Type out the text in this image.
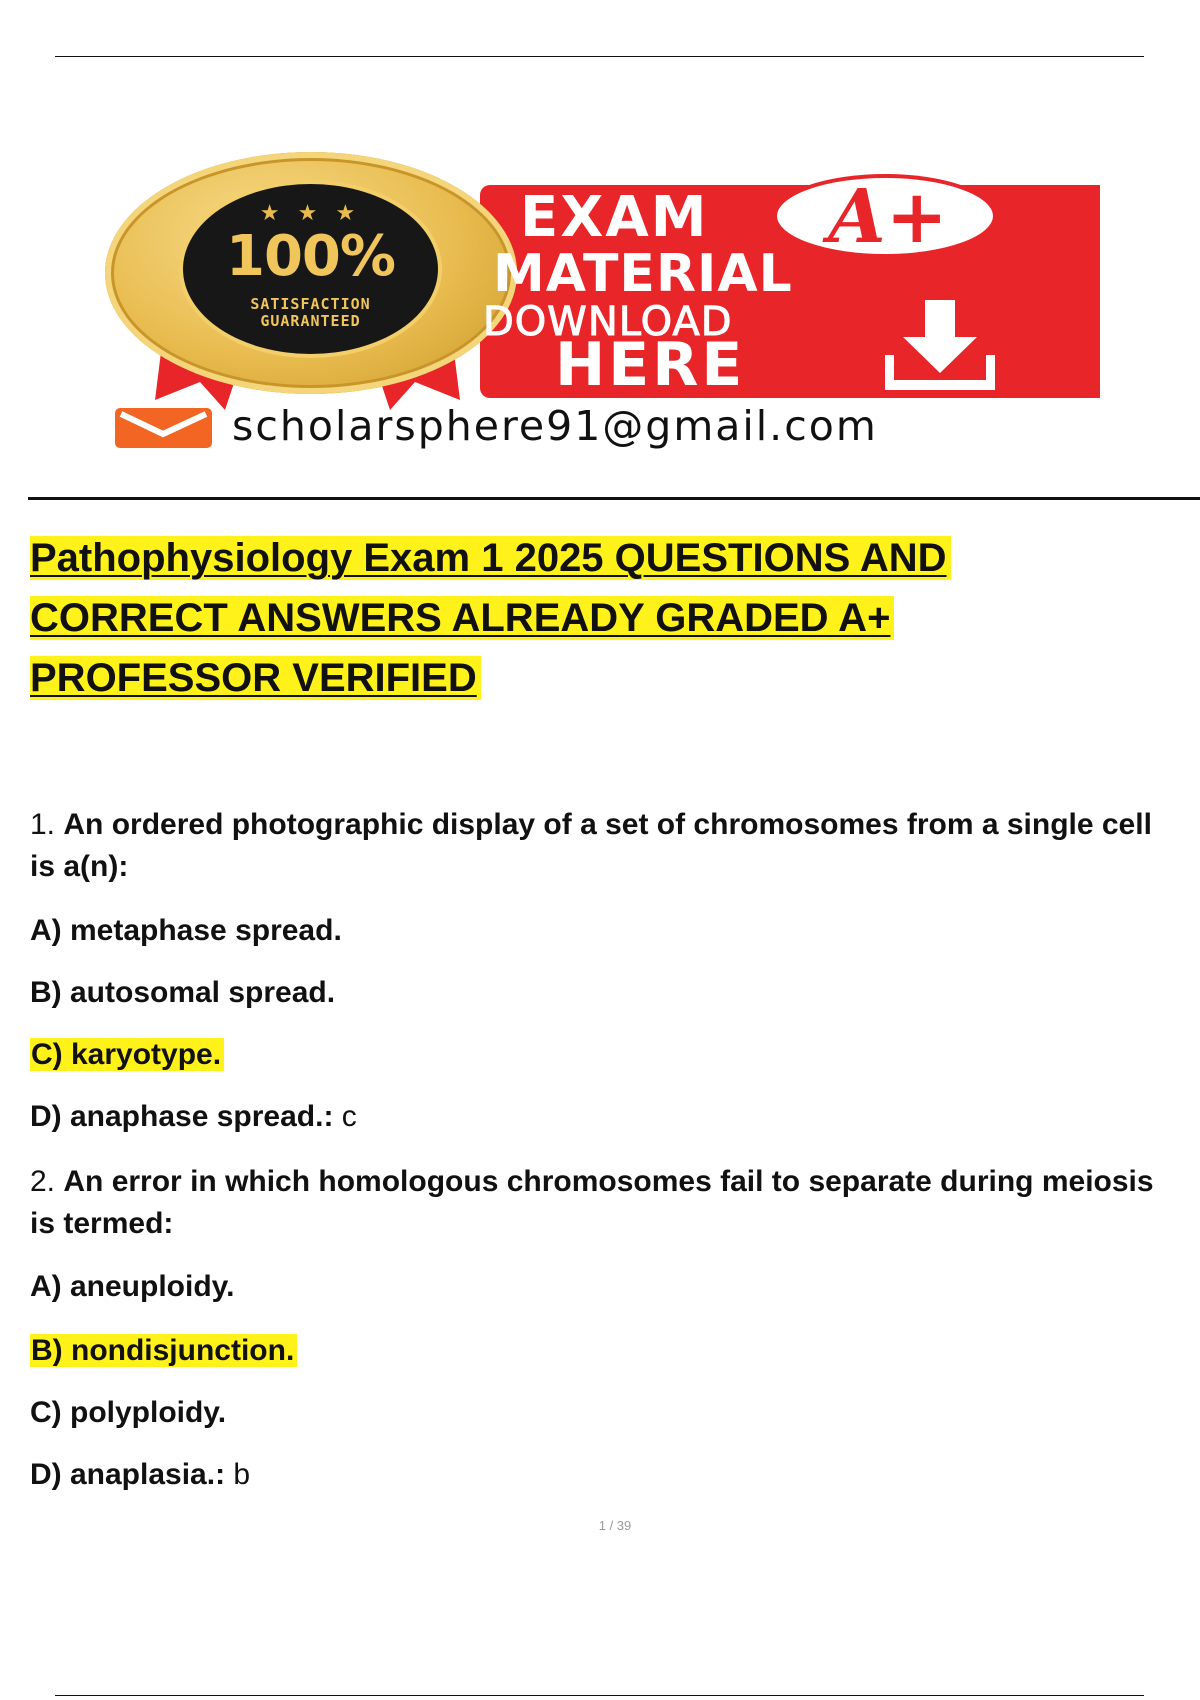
★ ★ ★
100%
SATISFACTION
GUARANTEED
EXAM A+
MATERIAL
DOWNLOAD
HERE
scholarsphere91@gmail.com
Pathophysiology Exam 1 2025 QUESTIONS AND
CORRECT ANSWERS ALREADY GRADED A+
PROFESSOR VERIFIED
1. An ordered photographic display of a set of chromosomes from a single cell is a(n):
A) metaphase spread.
B) autosomal spread.
C) karyotype.
D) anaphase spread.: c
2. An error in which homologous chromosomes fail to separate during meiosis is termed:
A) aneuploidy.
B) nondisjunction.
C) polyploidy.
D) anaplasia.: b
1 / 39
